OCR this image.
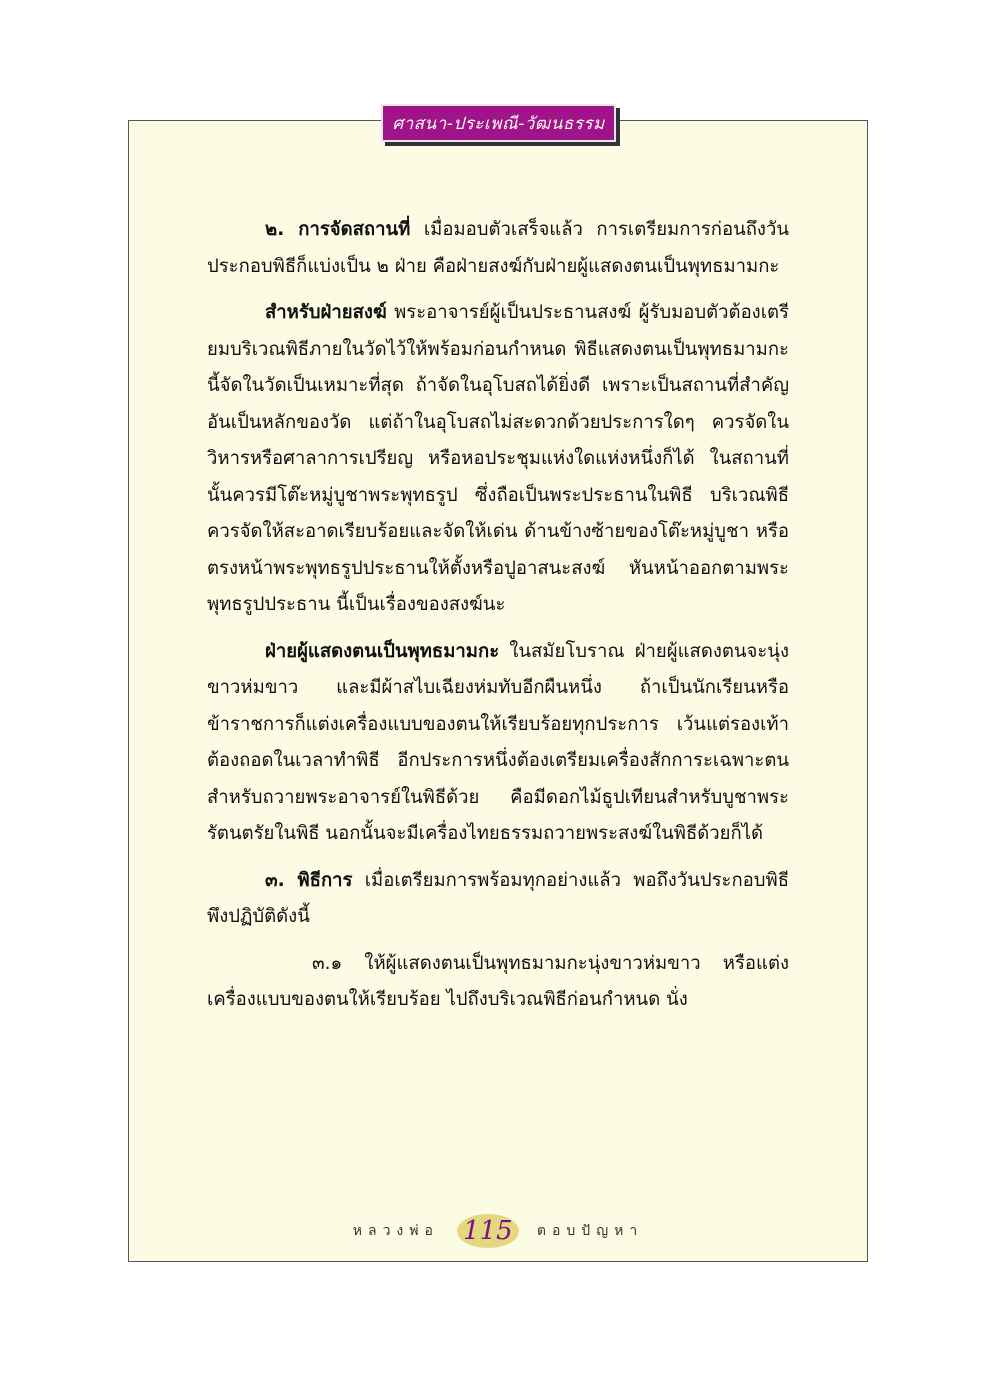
ศาสนา-ประเพณี-วัฒนธรรม

๒. การจัดสถานที่ เมื่อมอบตัวเสร็จแล้ว การเตรียมการก่อนถึงวันประกอบพิธีก็แบ่งเป็น ๒ ฝ่าย คือฝ่ายสงฆ์กับฝ่ายผู้แสดงตนเป็นพุทธมามกะ

สำหรับฝ่ายสงฆ์ พระอาจารย์ผู้เป็นประธานสงฆ์ ผู้รับมอบตัวต้องเตรียมบริเวณพิธีภายในวัดไว้ให้พร้อมก่อนกำหนด พิธีแสดงตนเป็นพุทธมามกะนี้จัดในวัดเป็นเหมาะที่สุด ถ้าจัดในอุโบสถได้ยิ่งดี เพราะเป็นสถานที่สำคัญอันเป็นหลักของวัด แต่ถ้าในอุโบสถไม่สะดวกด้วยประการใดๆ ควรจัดในวิหารหรือศาลาการเปรียญ หรือหอประชุมแห่งใดแห่งหนึ่งก็ได้ ในสถานที่นั้นควรมีโต๊ะหมู่บูชาพระพุทธรูป ซึ่งถือเป็นพระประธานในพิธี บริเวณพิธีควรจัดให้สะอาดเรียบร้อยและจัดให้เด่น ด้านข้างซ้ายของโต๊ะหมู่บูชา หรือตรงหน้าพระพุทธรูปประธานให้ตั้งหรือปูอาสนะสงฆ์ หันหน้าออกตามพระพุทธรูปประธาน นี้เป็นเรื่องของสงฆ์นะ

ฝ่ายผู้แสดงตนเป็นพุทธมามกะ ในสมัยโบราณ ฝ่ายผู้แสดงตนจะนุ่งขาวห่มขาว และมีผ้าสไบเฉียงห่มทับอีกผืนหนึ่ง ถ้าเป็นนักเรียนหรือข้าราชการก็แต่งเครื่องแบบของตนให้เรียบร้อยทุกประการ เว้นแต่รองเท้า ต้องถอดในเวลาทำพิธี อีกประการหนึ่งต้องเตรียมเครื่องสักการะเฉพาะตนสำหรับถวายพระอาจารย์ในพิธีด้วย คือมีดอกไม้ธูปเทียนสำหรับบูชาพระรัตนตรัยในพิธี นอกนั้นจะมีเครื่องไทยธรรมถวายพระสงฆ์ในพิธีด้วยก็ได้

๓. พิธีการ เมื่อเตรียมการพร้อมทุกอย่างแล้ว พอถึงวันประกอบพิธีพึงปฏิบัติดังนี้

๓.๑ ให้ผู้แสดงตนเป็นพุทธมามกะนุ่งขาวห่มขาว หรือแต่งเครื่องแบบของตนให้เรียบร้อย ไปถึงบริเวณพิธีก่อนกำหนด นั่ง

หลวงพ่อ 115	ตอบปัญหา
